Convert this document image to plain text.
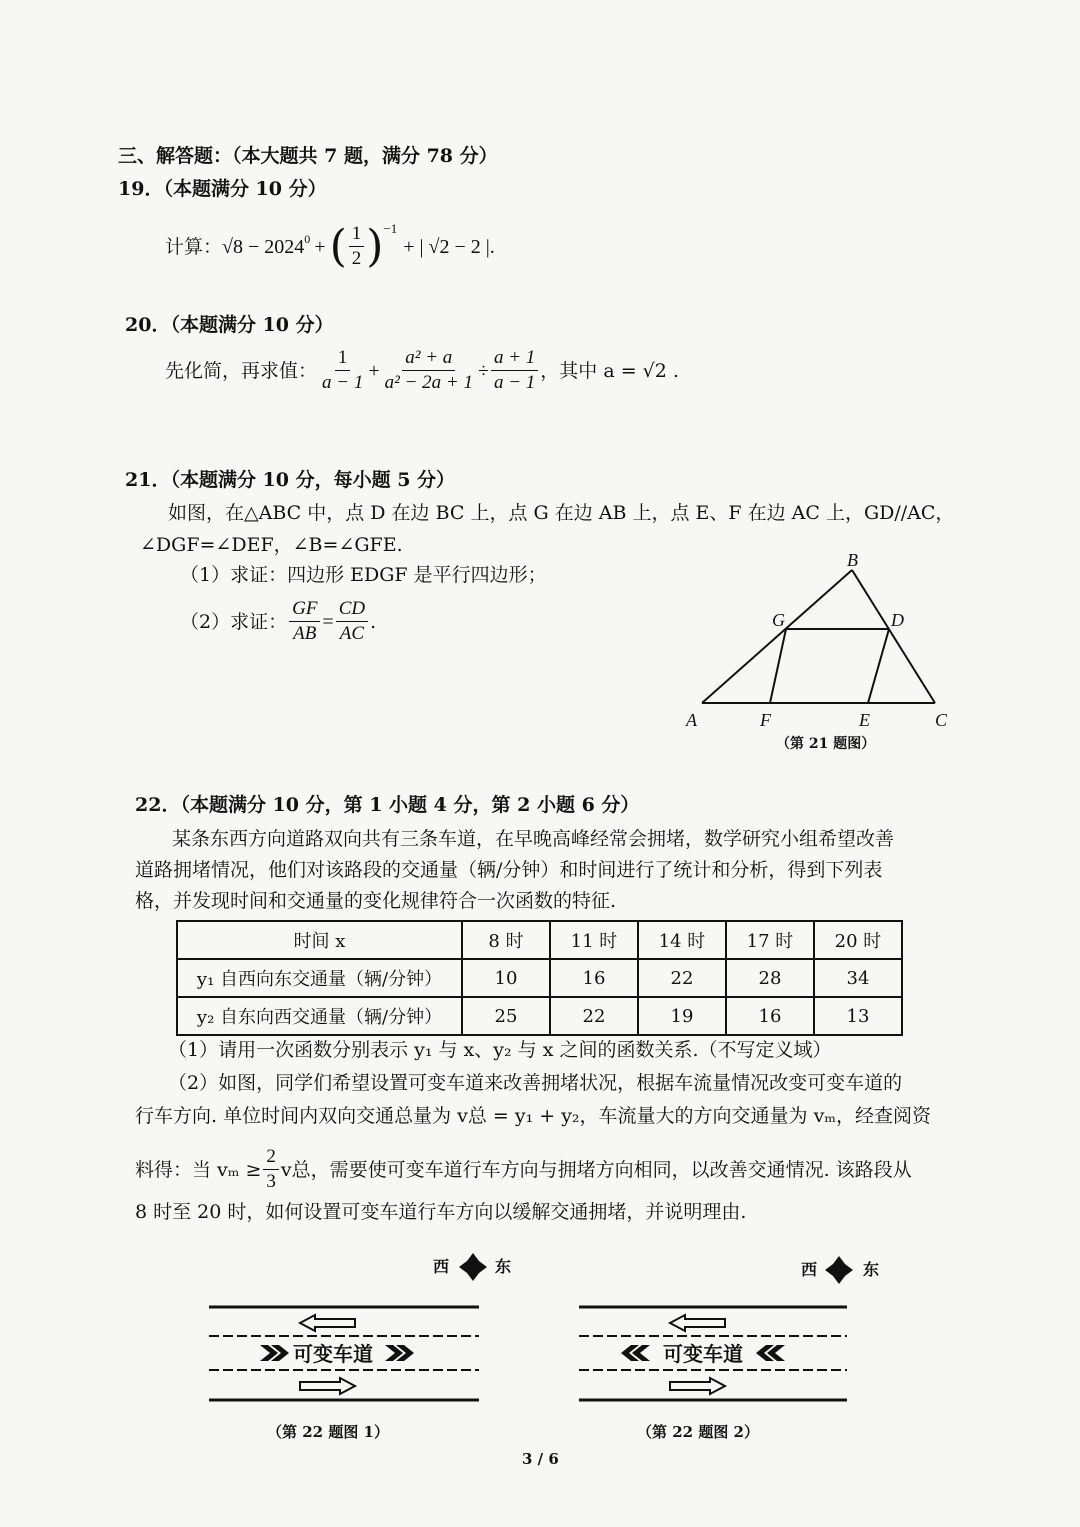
三、解答题：（本大题共 7 题，满分 78 分）
19．（本题满分 10 分）
计算： $√8 - 2024^0$ + ( $\frac{1}{2} )^{-1}$
+ | √2 − 2 |.
20．（本题满分 10 分）
先化简，再求值： $\frac{1}{a - 1} + \frac{\text{a² + a}}{\text{a² − 2a + 1}} \div \frac{a + 1}{a - 1}$ ，其中 a = √2 .
21．（本题满分 10 分，每小题 5 分）
如图，在△ABC 中，点 D 在边 BC 上，点 G 在边 AB 上，点 E、F 在边 AC 上，GD//AC，
∠DGF=∠DEF，∠B=∠GFE.
（1）求证：四边形 EDGF 是平行四边形；
（2）求证： $\frac{GF}{AB} = \frac{CD}{AC}$ .
B
G	D
A	F	E	C
（第 21 题图）
22．（本题满分 10 分，第 1 小题 4 分，第 2 小题 6 分）
某条东西方向道路双向共有三条车道，在早晚高峰经常会拥堵，数学研究小组希望改善
道路拥堵情况，他们对该路段的交通量（辆/分钟）和时间进行了统计和分析，得到下列表
格，并发现时间和交通量的变化规律符合一次函数的特征.
时间 x	8 时	11 时	14 时	17 时	20 时
y₁ 自西向东交通量（辆/分钟）	10	16	22	28	34
y₂ 自东向西交通量（辆/分钟）	25	22	19	16	13
（1）请用一次函数分别表示 y₁ 与 x、y₂ 与 x 之间的函数关系.（不写定义域）
（2）如图，同学们希望设置可变车道来改善拥堵状况，根据车流量情况改变可变车道的
行车方向. 单位时间内双向交通总量为 v总 = y₁ + y₂，车流量大的方向交通量为 vₘ，经查阅资
料得：当 $v_m \ge \frac{2}{3}$ v总，需要使可变车道行车方向与拥堵方向相同，以改善交通情况. 该路段从
8 时至 20 时，如何设置可变车道行车方向以缓解交通拥堵，并说明理由.
西	东
可变车道
（第 22 题图 1）
西	东
可变车道
（第 22 题图 2）
3 / 6
